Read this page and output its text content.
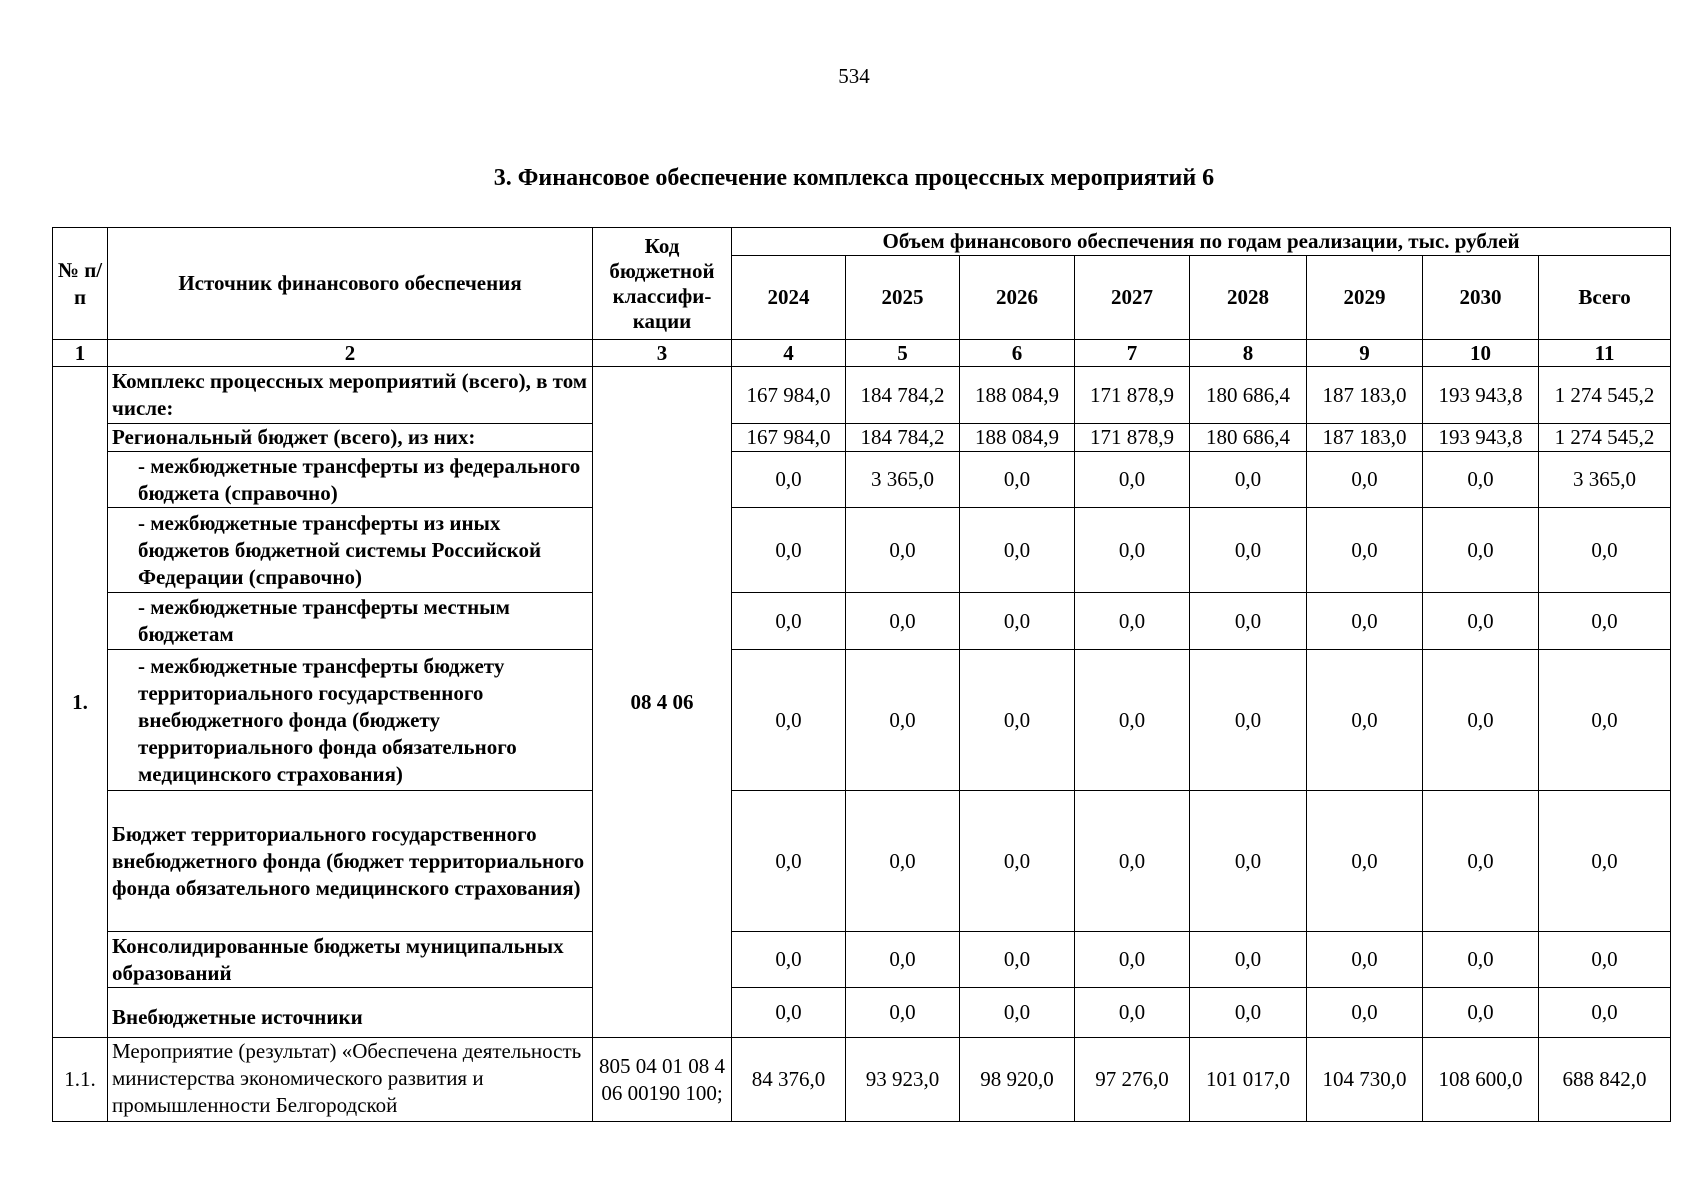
534
3. Финансовое обеспечение комплекса процессных мероприятий 6
№ п/п	Источник финансового обеспечения	Код бюджетной классифи-кации	Объем финансового обеспечения по годам реализации, тыс. рублей							
			2024	2025	2026	2027	2028	2029	2030	Всего
1	2	3	4	5	6	7	8	9	10	11
1.	Комплекс процессных мероприятий (всего), в том числе:	08 4 06	167 984,0	184 784,2	188 084,9	171 878,9	180 686,4	187 183,0	193 943,8	1 274 545,2
	Региональный бюджет (всего), из них:		167 984,0	184 784,2	188 084,9	171 878,9	180 686,4	187 183,0	193 943,8	1 274 545,2
	- межбюджетные трансферты из федерального бюджета (справочно)		0,0	3 365,0	0,0	0,0	0,0	0,0	0,0	3 365,0
	- межбюджетные трансферты из иных бюджетов бюджетной системы Российской Федерации (справочно)		0,0	0,0	0,0	0,0	0,0	0,0	0,0	0,0
	- межбюджетные трансферты местным бюджетам		0,0	0,0	0,0	0,0	0,0	0,0	0,0	0,0
	- межбюджетные трансферты бюджету территориального государственного внебюджетного фонда (бюджету территориального фонда обязательного медицинского страхования)		0,0	0,0	0,0	0,0	0,0	0,0	0,0	0,0
	Бюджет территориального государственного внебюджетного фонда (бюджет территориального фонда обязательного медицинского страхования)		0,0	0,0	0,0	0,0	0,0	0,0	0,0	0,0
	Консолидированные бюджеты муниципальных образований		0,0	0,0	0,0	0,0	0,0	0,0	0,0	0,0
	Внебюджетные источники		0,0	0,0	0,0	0,0	0,0	0,0	0,0	0,0
1.1.	Мероприятие (результат) «Обеспечена деятельность министерства экономического развития и промышленности Белгородской	805 04 01 08 4 06 00190 100;	84 376,0	93 923,0	98 920,0	97 276,0	101 017,0	104 730,0	108 600,0	688 842,0
